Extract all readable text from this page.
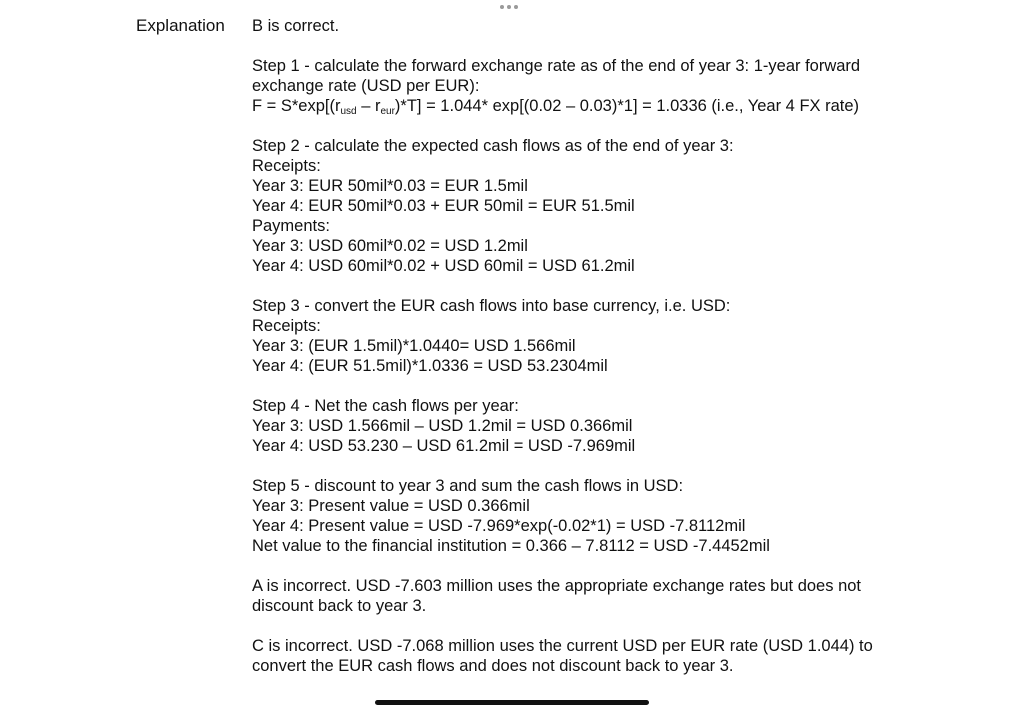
Explanation B is correct.
Step 1 - calculate the forward exchange rate as of the end of year 3: 1-year forward
exchange rate (USD per EUR):
F = S*exp[(rusd – reur)*T] = 1.044* exp[(0.02 – 0.03)*1] = 1.0336 (i.e., Year 4 FX rate)
Step 2 - calculate the expected cash flows as of the end of year 3:
Receipts:
Year 3: EUR 50mil*0.03 = EUR 1.5mil
Year 4: EUR 50mil*0.03 + EUR 50mil = EUR 51.5mil
Payments:
Year 3: USD 60mil*0.02 = USD 1.2mil
Year 4: USD 60mil*0.02 + USD 60mil = USD 61.2mil
Step 3 - convert the EUR cash flows into base currency, i.e. USD:
Receipts:
Year 3: (EUR 1.5mil)*1.0440= USD 1.566mil
Year 4: (EUR 51.5mil)*1.0336 = USD 53.2304mil
Step 4 - Net the cash flows per year:
Year 3: USD 1.566mil – USD 1.2mil = USD 0.366mil
Year 4: USD 53.230 – USD 61.2mil = USD -7.969mil
Step 5 - discount to year 3 and sum the cash flows in USD:
Year 3: Present value = USD 0.366mil
Year 4: Present value = USD -7.969*exp(-0.02*1) = USD -7.8112mil
Net value to the financial institution = 0.366 – 7.8112 = USD -7.4452mil
A is incorrect. USD -7.603 million uses the appropriate exchange rates but does not discount back to year 3.
C is incorrect. USD -7.068 million uses the current USD per EUR rate (USD 1.044) to convert the EUR cash flows and does not discount back to year 3.
